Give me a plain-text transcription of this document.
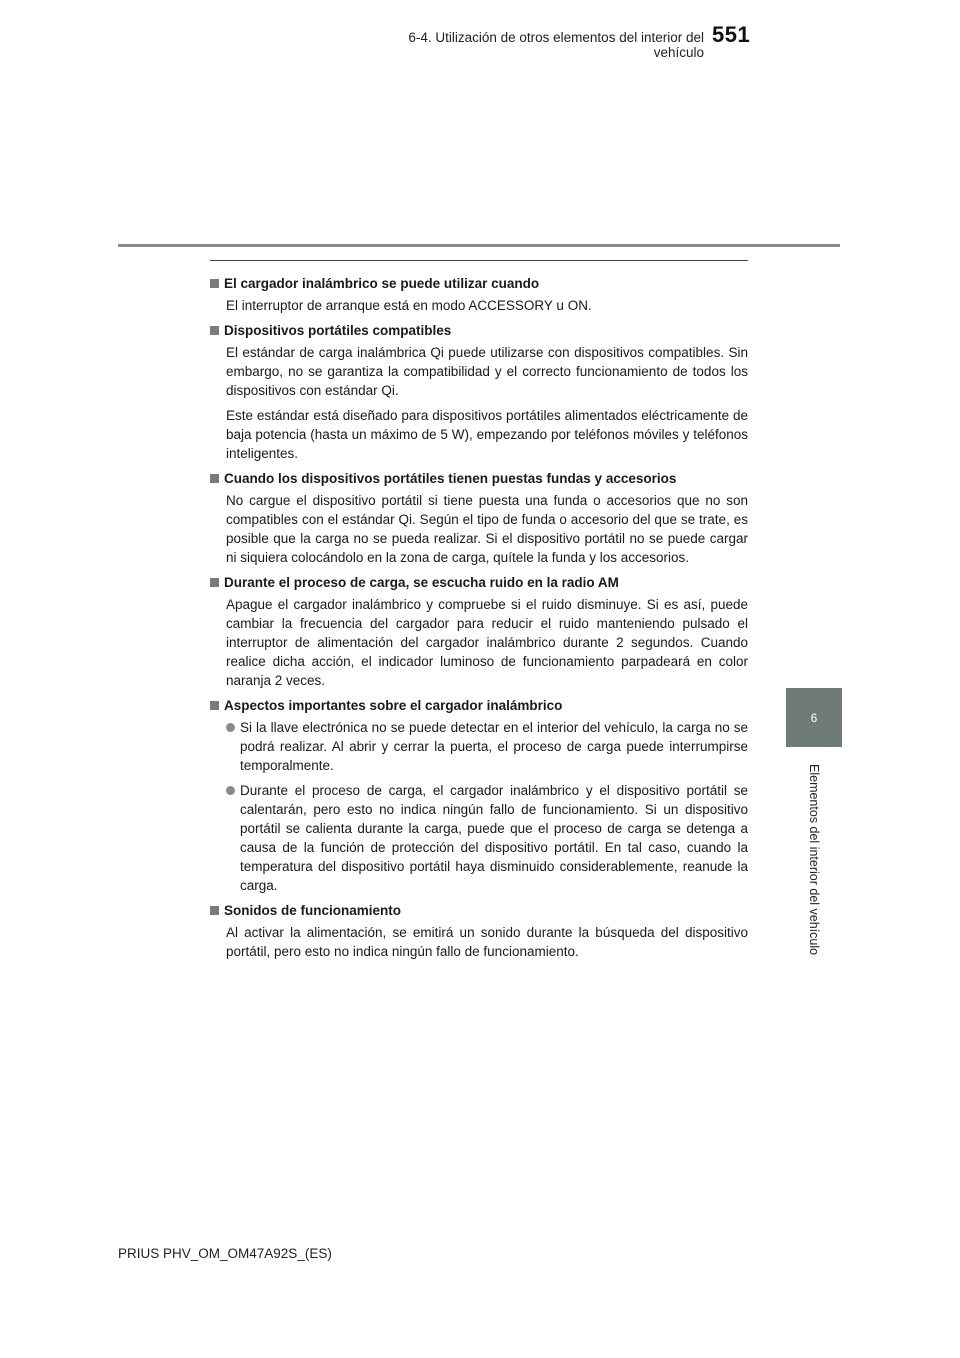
6-4. Utilización de otros elementos del interior del vehículo
551
6
Elementos del interior del vehículo
El cargador inalámbrico se puede utilizar cuando
El interruptor de arranque está en modo ACCESSORY u ON.
Dispositivos portátiles compatibles
El estándar de carga inalámbrica Qi puede utilizarse con dispositivos compatibles. Sin embargo, no se garantiza la compatibilidad y el correcto funcionamiento de todos los dispositivos con estándar Qi.
Este estándar está diseñado para dispositivos portátiles alimentados eléctricamente de baja potencia (hasta un máximo de 5 W), empezando por teléfonos móviles y teléfonos inteligentes.
Cuando los dispositivos portátiles tienen puestas fundas y accesorios
No cargue el dispositivo portátil si tiene puesta una funda o accesorios que no son compatibles con el estándar Qi. Según el tipo de funda o accesorio del que se trate, es posible que la carga no se pueda realizar. Si el dispositivo portátil no se puede cargar ni siquiera colocándolo en la zona de carga, quítele la funda y los accesorios.
Durante el proceso de carga, se escucha ruido en la radio AM
Apague el cargador inalámbrico y compruebe si el ruido disminuye. Si es así, puede cambiar la frecuencia del cargador para reducir el ruido manteniendo pulsado el interruptor de alimentación del cargador inalámbrico durante 2 segundos. Cuando realice dicha acción, el indicador luminoso de funcionamiento parpadeará en color naranja 2 veces.
Aspectos importantes sobre el cargador inalámbrico
Si la llave electrónica no se puede detectar en el interior del vehículo, la carga no se podrá realizar. Al abrir y cerrar la puerta, el proceso de carga puede interrumpirse temporalmente.
Durante el proceso de carga, el cargador inalámbrico y el dispositivo portátil se calentarán, pero esto no indica ningún fallo de funcionamiento. Si un dispositivo portátil se calienta durante la carga, puede que el proceso de carga se detenga a causa de la función de protección del dispositivo portátil. En tal caso, cuando la temperatura del dispositivo portátil haya disminuido considerablemente, reanude la carga.
Sonidos de funcionamiento
Al activar la alimentación, se emitirá un sonido durante la búsqueda del dispositivo portátil, pero esto no indica ningún fallo de funcionamiento.
PRIUS PHV_OM_OM47A92S_(ES)
